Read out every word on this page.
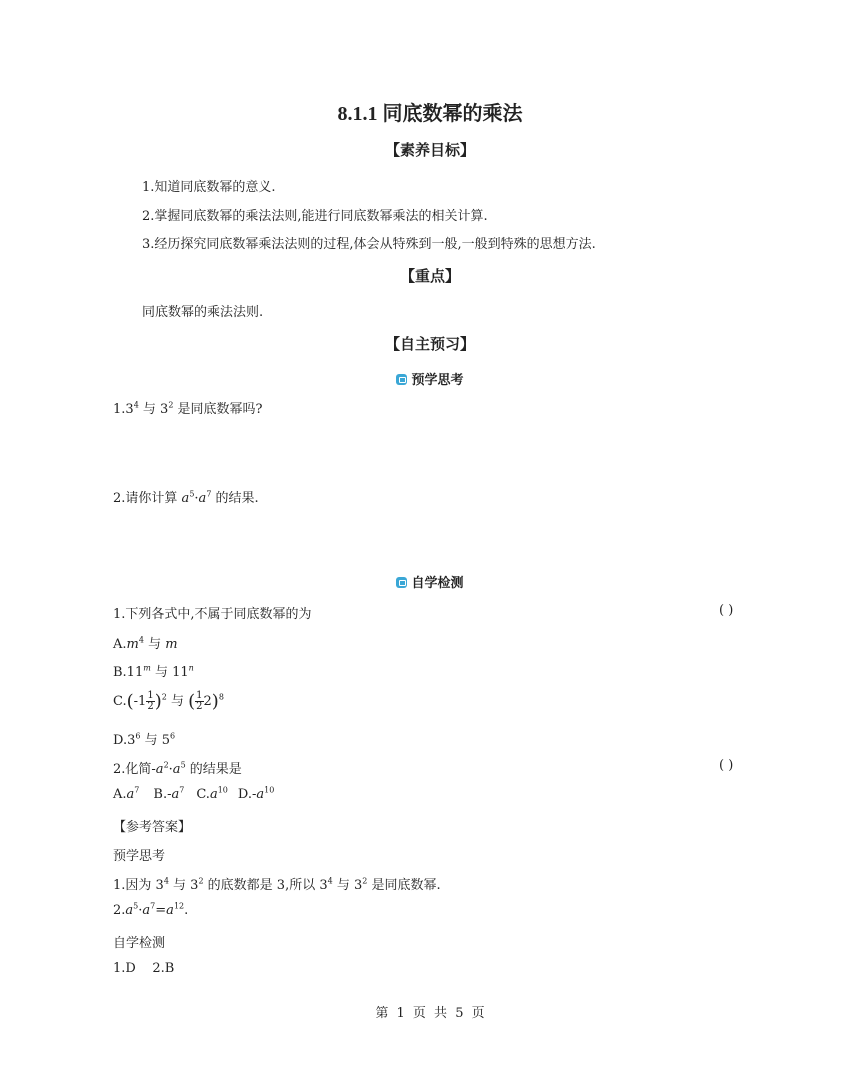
8.1.1 同底数幂的乘法
【素养目标】
1.知道同底数幂的意义.
2.掌握同底数幂的乘法法则,能进行同底数幂乘法的相关计算.
3.经历探究同底数幂乘法法则的过程,体会从特殊到一般,一般到特殊的思想方法.
【重点】
同底数幂的乘法法则.
【自主预习】
预学思考
$1.3^4$ 与 $3^2$ 是同底数幂吗?
2.请你计算 $a^5\cdot a^7$ 的结果.
自学检测
1.下列各式中,不属于同底数幂的为	( )
$A.m^4$ 与 m
B.11$^m$ 与 11$^n$
$C.(-1 \frac{1}{2} )^2$ 与 ( $\frac{1}{2} 2)^8$
$D.3^6$ 与 $5^6$
2.化简$-a^2\cdot a^5$ 的结果是	( )
$A.a^7$ $B.-a^7$ $C.a^{10}$ $D.-a^{10}$
【参考答案】
预学思考
1.因为 $3^4$ 与 $3^2$ 的底数都是 3,所以 $3^4$ 与 $3^2$ 是同底数幂.
$2.a^5\cdot a^7=a^{12}$.
自学检测
1.D    2.B
第 1 页 共 5 页
